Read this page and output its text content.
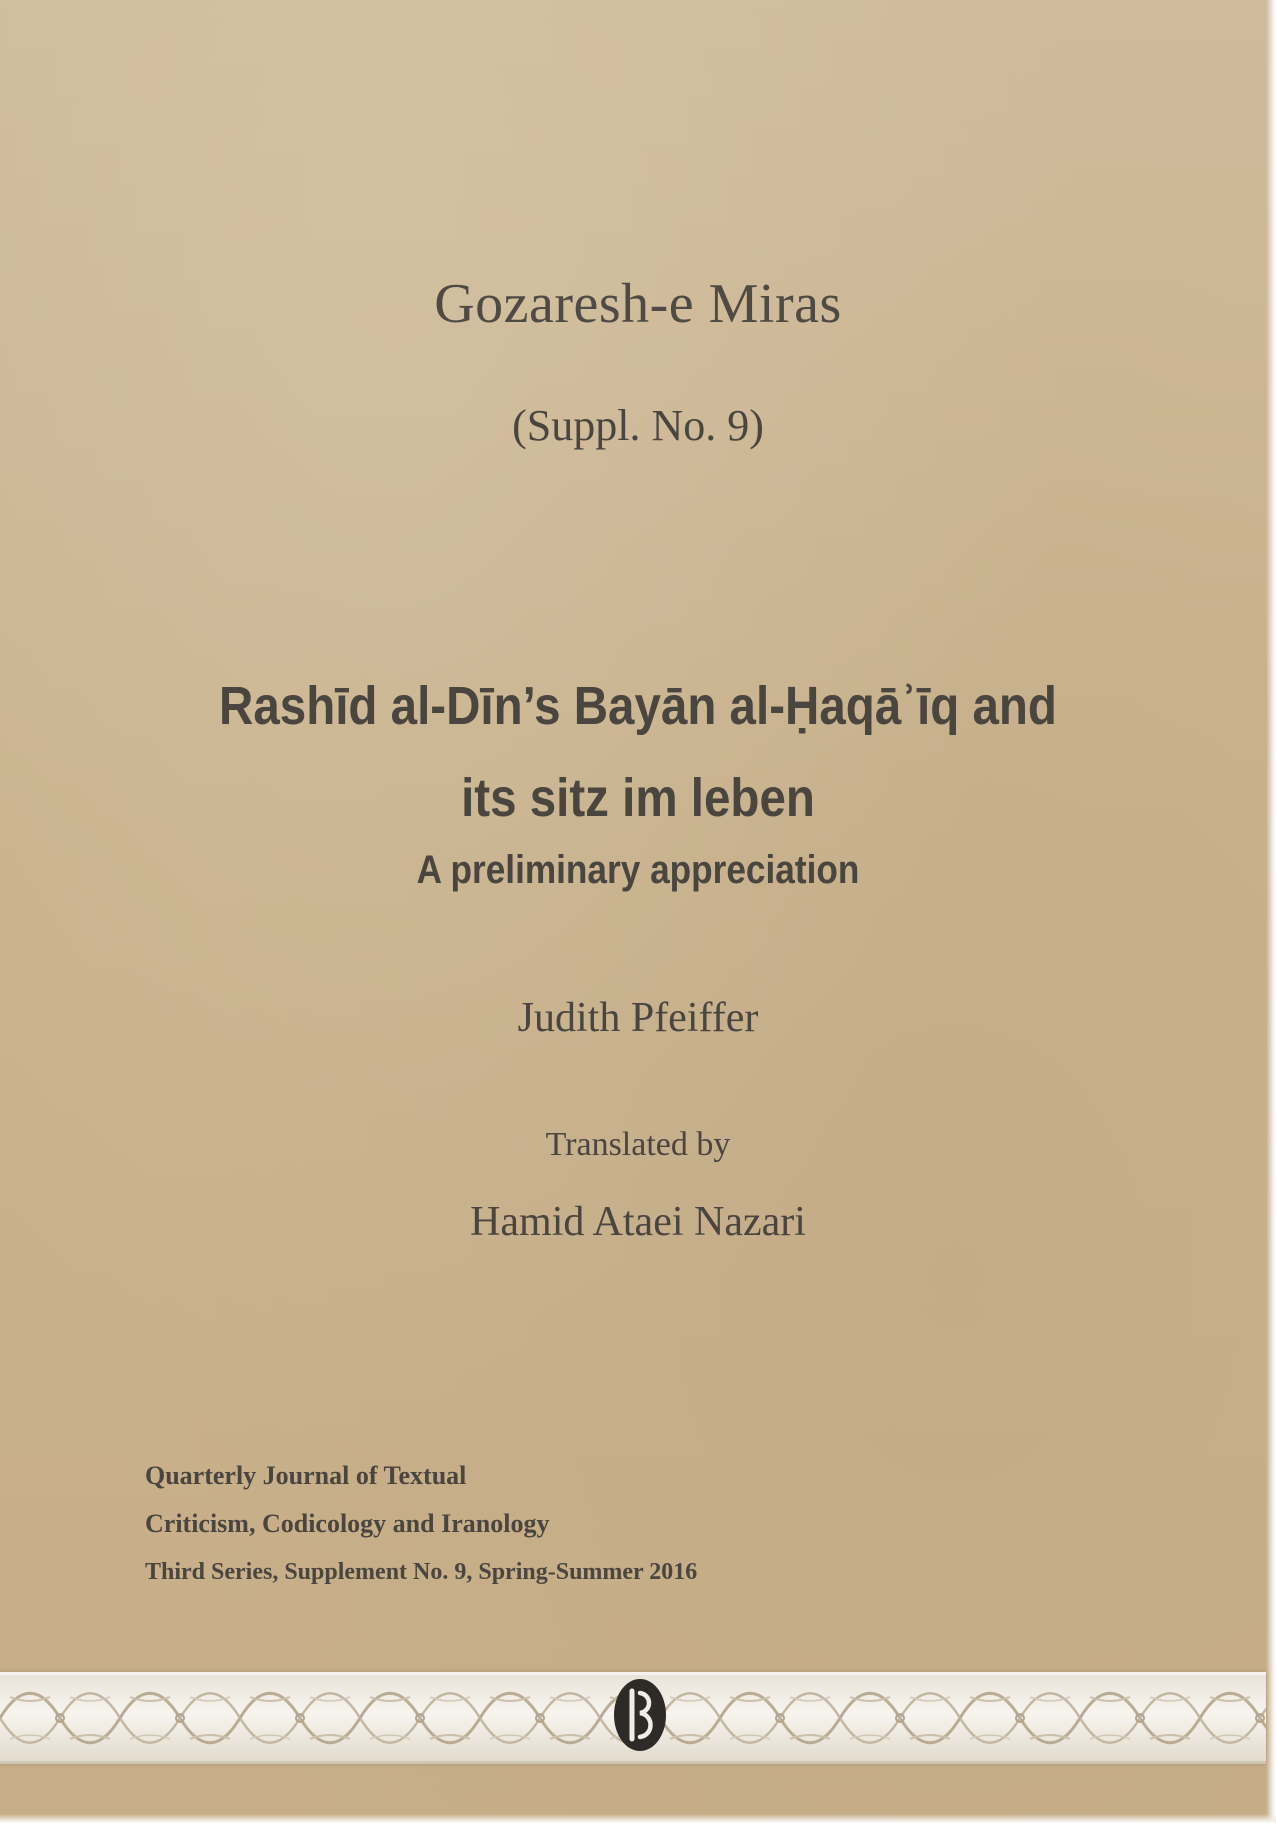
Gozaresh-e Miras
(Suppl. No. 9)
Rashīd al-Dīn’s Bayān al-Ḥaqāʾīq and
its sitz im leben
A preliminary appreciation
Judith Pfeiffer
Translated by
Hamid Ataei Nazari
Quarterly Journal of Textual
Criticism, Codicology and Iranology
Third Series, Supplement No. 9, Spring-Summer 2016
